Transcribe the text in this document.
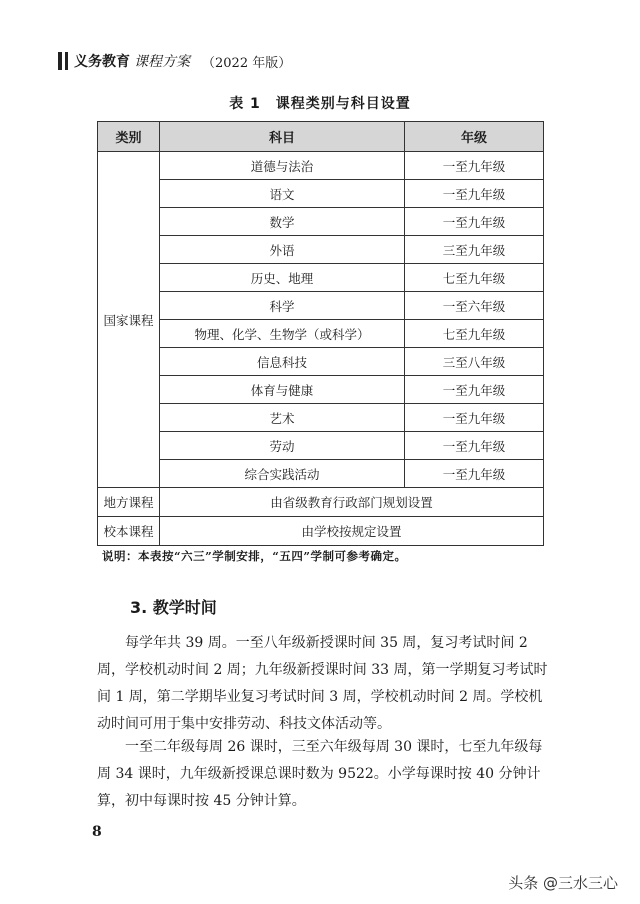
义务教育 课程方案 （2022 年版）
表 1　课程类别与科目设置
类别	科目	年级
国家课程	道德与法治	一至九年级
	语文	一至九年级
	数学	一至九年级
	外语	三至九年级
	历史、地理	七至九年级
	科学	一至六年级
	物理、化学、生物学（或科学）	七至九年级
	信息科技	三至八年级
	体育与健康	一至九年级
	艺术	一至九年级
	劳动	一至九年级
	综合实践活动	一至九年级
地方课程	由省级教育行政部门规划设置	
校本课程	由学校按规定设置	
说明：本表按“六三”学制安排，“五四”学制可参考确定。
3. 教学时间
每学年共 39 周。一至八年级新授课时间 35 周，复习考试时间 2 周，学校机动时间 2 周；九年级新授课时间 33 周，第一学期复习考试时间 1 周，第二学期毕业复习考试时间 3 周，学校机动时间 2 周。学校机动时间可用于集中安排劳动、科技文体活动等。
一至二年级每周 26 课时，三至六年级每周 30 课时，七至九年级每周 34 课时，九年级新授课总课时数为 9522。小学每课时按 40 分钟计算，初中每课时按 45 分钟计算。
8
头条 @三水三心
